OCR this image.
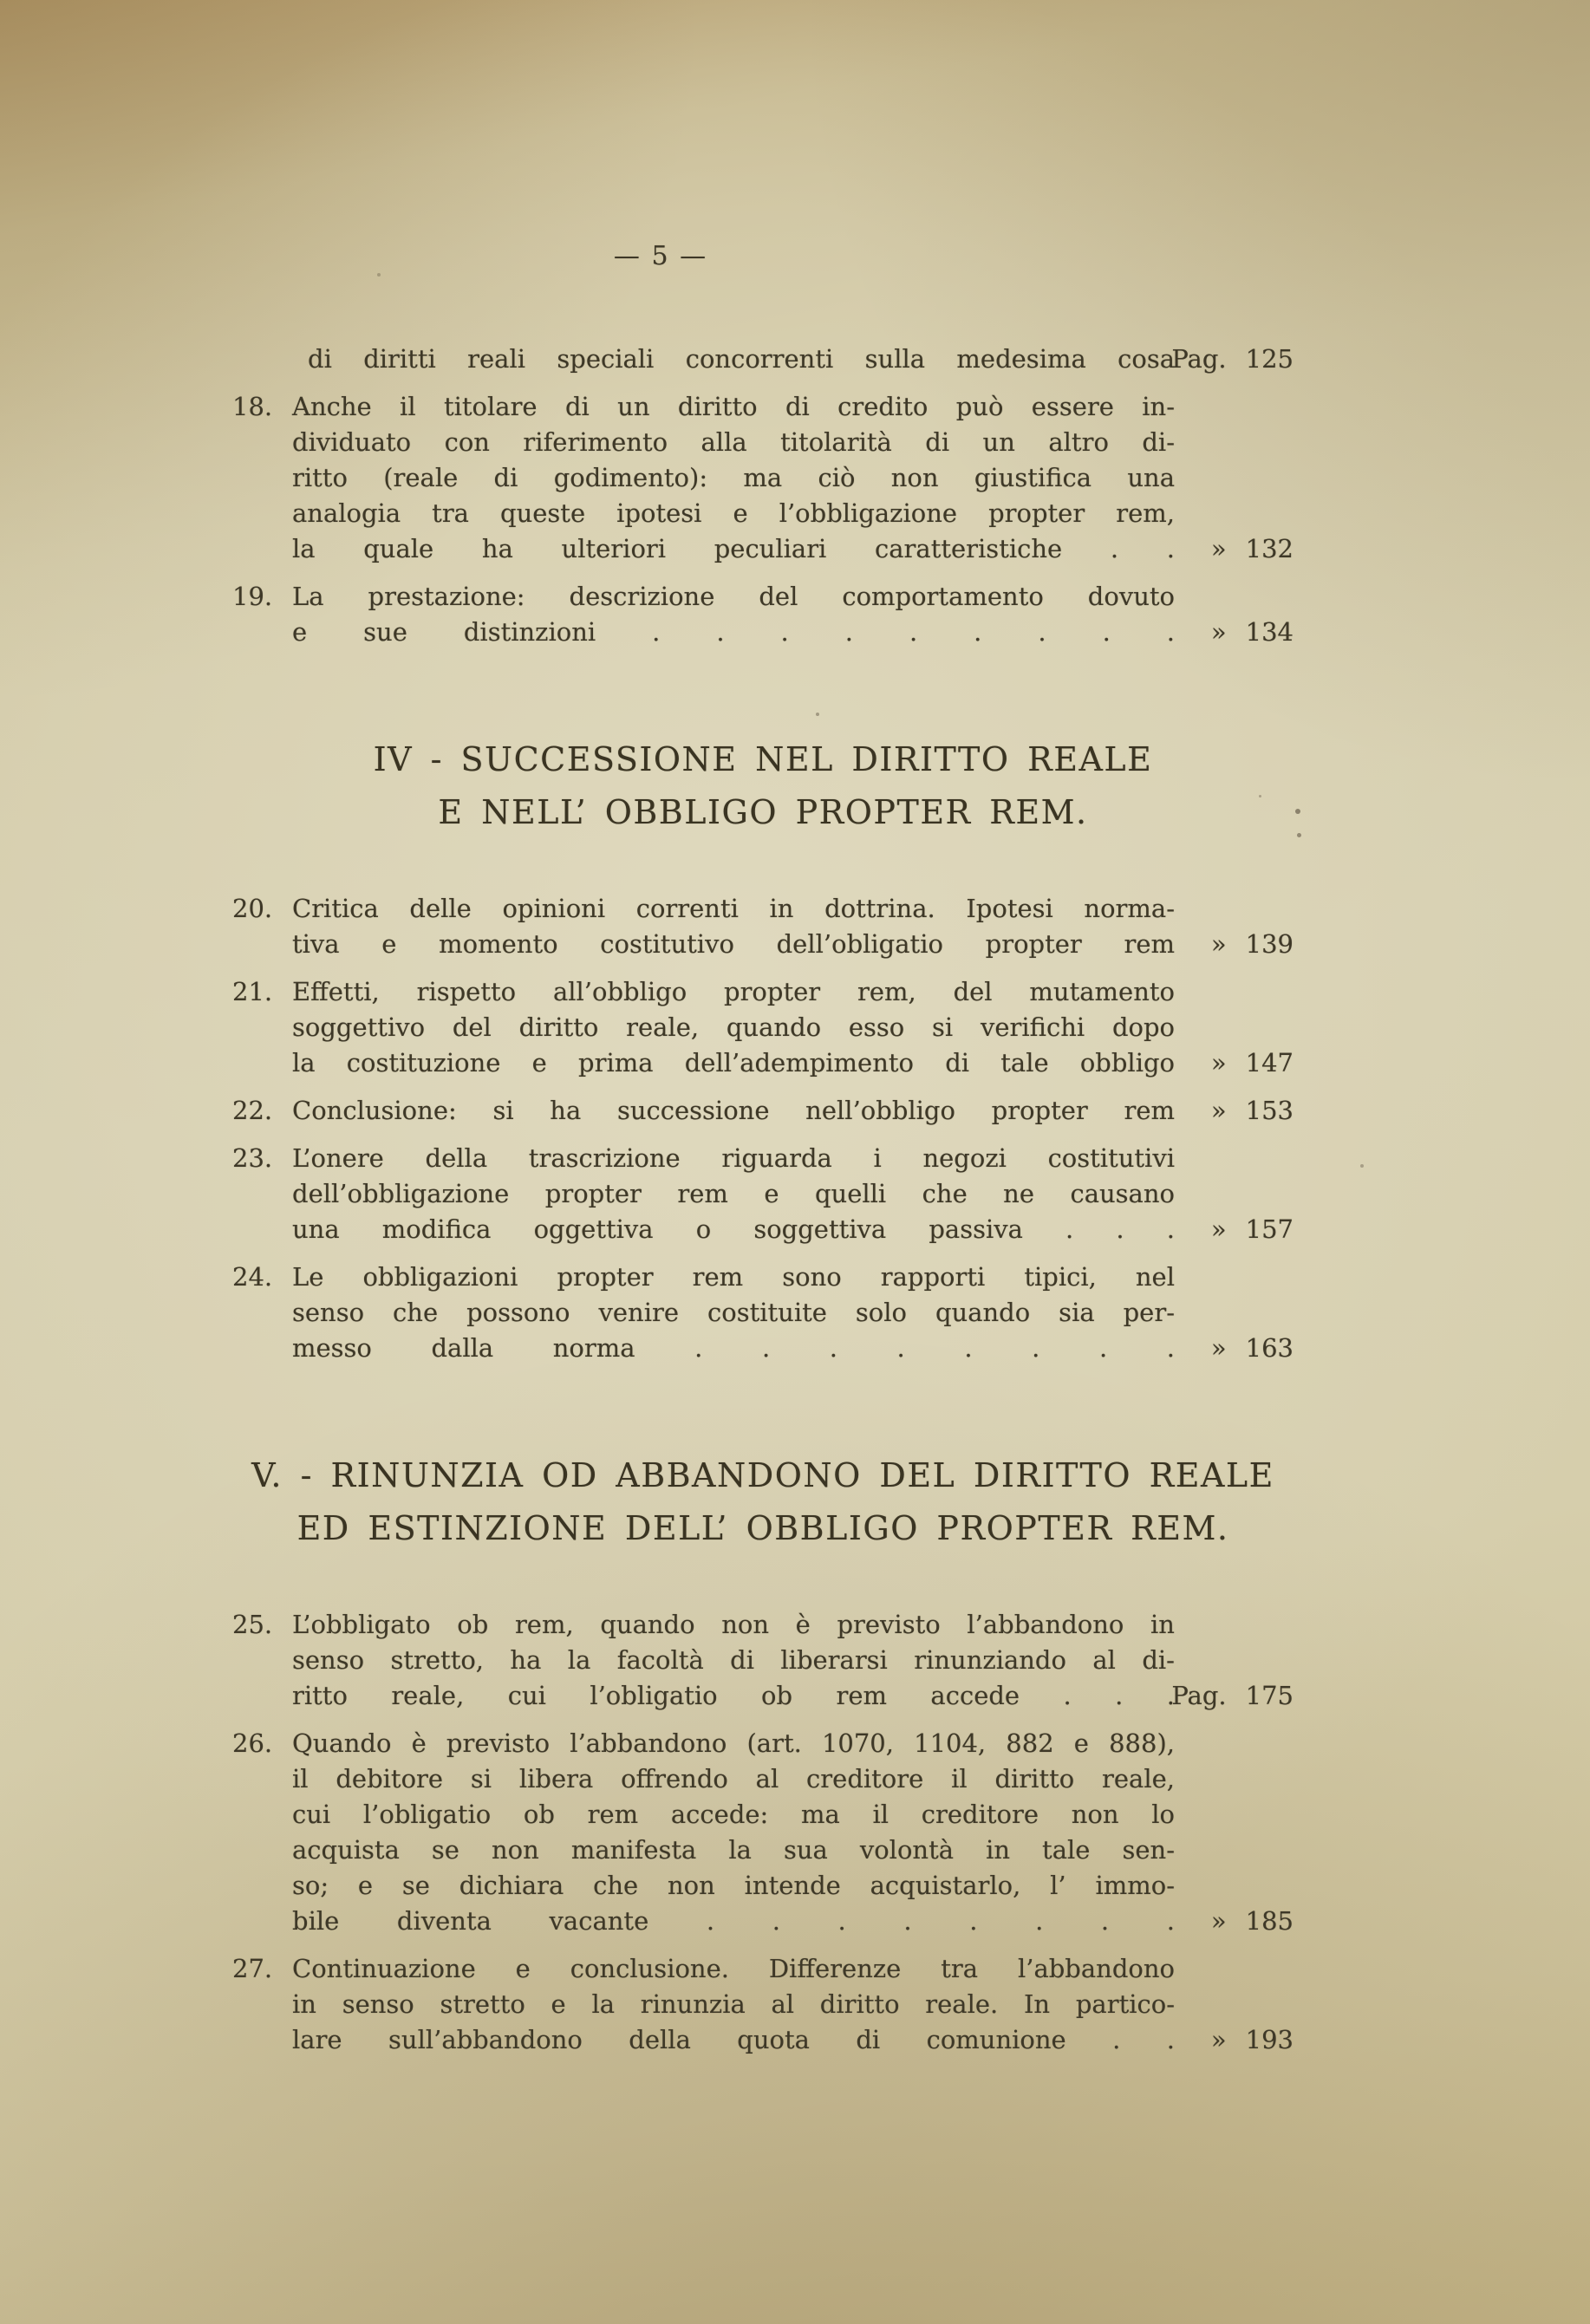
— 5 —
di diritti reali speciali concorrenti sulla medesima cosa
Pag. 125
18. Anche il titolare di un diritto di credito può essere in-
dividuato con riferimento alla titolarità di un altro di-
ritto (reale di godimento): ma ciò non giustifica una
analogia tra queste ipotesi e l’obbligazione propter rem,
la quale ha ulteriori peculiari caratteristiche . . » 132
19. La prestazione: descrizione del comportamento dovuto
e sue distinzioni . . . . . . . . . » 134
IV - SUCCESSIONE NEL DIRITTO REALE
E NELL’ OBBLIGO PROPTER REM.
20. Critica delle opinioni correnti in dottrina. Ipotesi norma-
tiva e momento costitutivo dell’obligatio propter rem » 139
21. Effetti, rispetto all’obbligo propter rem, del mutamento
soggettivo del diritto reale, quando esso si verifichi dopo
la costituzione e prima dell’adempimento di tale obbligo » 147
22. Conclusione: si ha successione nell’obbligo propter rem » 153
23. L’onere della trascrizione riguarda i negozi costitutivi
dell’obbligazione propter rem e quelli che ne causano
una modifica oggettiva o soggettiva passiva . . . » 157
24. Le obbligazioni propter rem sono rapporti tipici, nel
senso che possono venire costituite solo quando sia per-
messo dalla norma . . . . . . . . » 163
V. - RINUNZIA OD ABBANDONO DEL DIRITTO REALE
ED ESTINZIONE DELL’ OBBLIGO PROPTER REM.
25. L’obbligato ob rem, quando non è previsto l’abbandono in
senso stretto, ha la facoltà di liberarsi rinunziando al di-
ritto reale, cui l’obligatio ob rem accede . . .
Pag. 175
26. Quando è previsto l’abbandono (art. 1070, 1104, 882 e 888),
il debitore si libera offrendo al creditore il diritto reale,
cui l’obligatio ob rem accede: ma il creditore non lo
acquista se non manifesta la sua volontà in tale sen-
so; e se dichiara che non intende acquistarlo, l’ immo-
bile diventa vacante . . . . . . . . » 185
27. Continuazione e conclusione. Differenze tra l’abbandono
in senso stretto e la rinunzia al diritto reale. In partico-
lare sull’abbandono della quota di comunione . . » 193
